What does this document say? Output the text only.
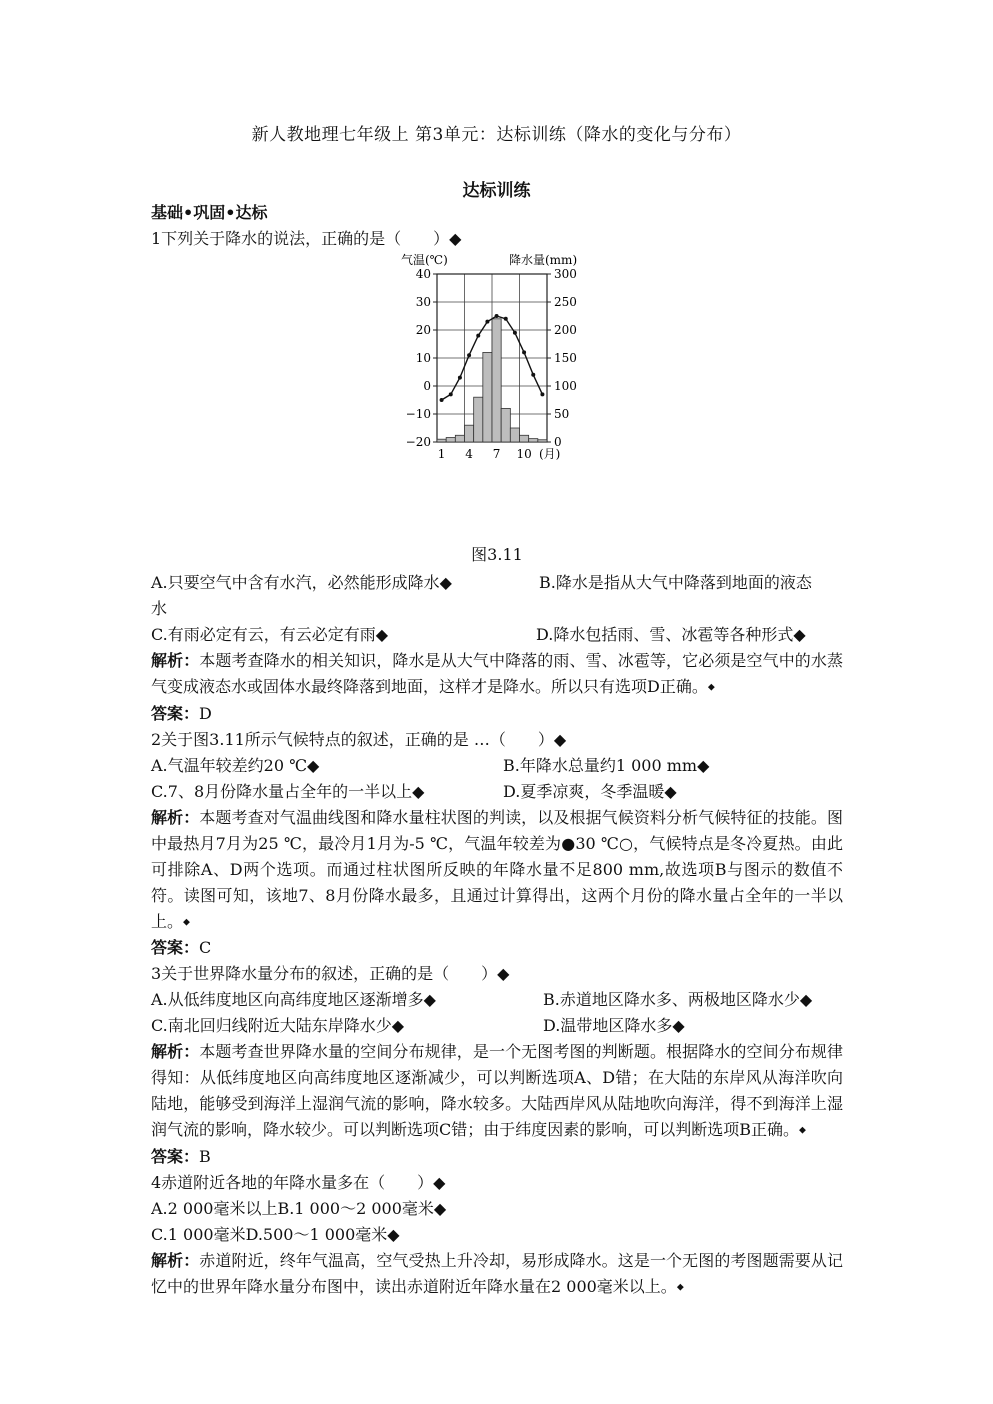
新人教地理七年级上 第3单元：达标训练（降水的变化与分布）
达标训练
基础•巩固•达标
1下列关于降水的说法，正确的是（　　）◆
气温(℃)	降水量(mm)
40	300
30	250
20	200
10	150
0	100
−10	50
−20	0
1 4 7 10 (月)
图3.11
A.只要空气中含有水汽，必然能形成降水◆	B.降水是指从大气中降落到地面的液态
水
C.有雨必定有云，有云必定有雨◆	D.降水包括雨、雪、冰雹等各种形式◆
解析：本题考查降水的相关知识，降水是从大气中降落的雨、雪、冰雹等，它必须是空气中的水蒸气变成液态水或固体水最终降落到地面，这样才是降水。所以只有选项D正确。◆
答案：D
2关于图3.11所示气候特点的叙述，正确的是 …（　　）◆
A.气温年较差约20 ℃◆	B.年降水总量约1 000 mm◆
C.7、8月份降水量占全年的一半以上◆	D.夏季凉爽，冬季温暖◆
解析：本题考查对气温曲线图和降水量柱状图的判读，以及根据气候资料分析气候特征的技能。图中最热月7月为25 ℃，最冷月1月为-5 ℃，气温年较差为●30 ℃○，气候特点是冬冷夏热。由此可排除A、D两个选项。而通过柱状图所反映的年降水量不足800 mm,故选项B与图示的数值不符。读图可知，该地7、8月份降水最多，且通过计算得出，这两个月份的降水量占全年的一半以上。◆
答案：C
3关于世界降水量分布的叙述，正确的是（　　）◆
A.从低纬度地区向高纬度地区逐渐增多◆	B.赤道地区降水多、两极地区降水少◆
C.南北回归线附近大陆东岸降水少◆	D.温带地区降水多◆
解析：本题考查世界降水量的空间分布规律，是一个无图考图的判断题。根据降水的空间分布规律得知：从低纬度地区向高纬度地区逐渐减少，可以判断选项A、D错；在大陆的东岸风从海洋吹向陆地，能够受到海洋上湿润气流的影响，降水较多。大陆西岸风从陆地吹向海洋，得不到海洋上湿润气流的影响，降水较少。可以判断选项C错；由于纬度因素的影响，可以判断选项B正确。◆
答案：B
4赤道附近各地的年降水量多在（　　）◆
A.2 000毫米以上B.1 000～2 000毫米◆
C.1 000毫米D.500～1 000毫米◆
解析：赤道附近，终年气温高，空气受热上升冷却，易形成降水。这是一个无图的考图题需要从记忆中的世界年降水量分布图中，读出赤道附近年降水量在2 000毫米以上。◆
